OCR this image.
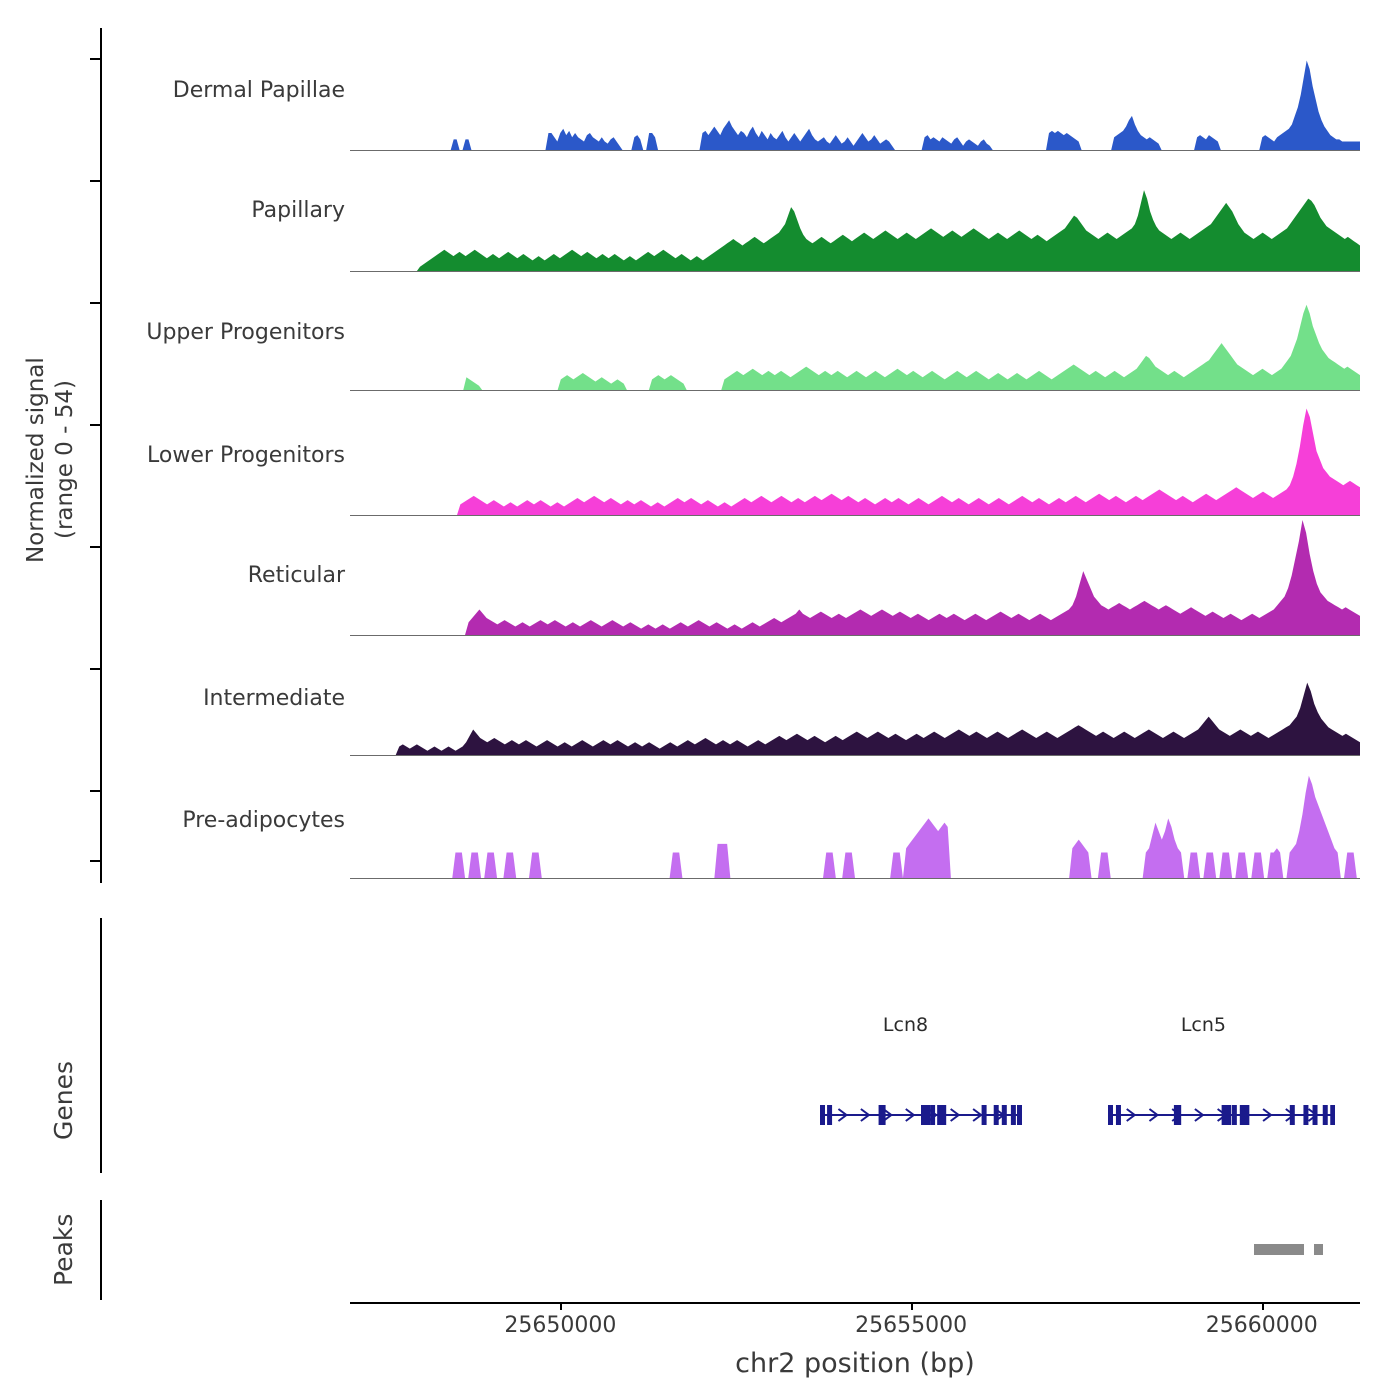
Normalized signal (range 0 - 54)
Genes
Peaks
Dermal Papillae
Papillary
Upper Progenitors
Lower Progenitors
Reticular
Intermediate
Pre-adipocytes
Lcn8	Lcn5
25650000	25655000	25660000
chr2 position (bp)
